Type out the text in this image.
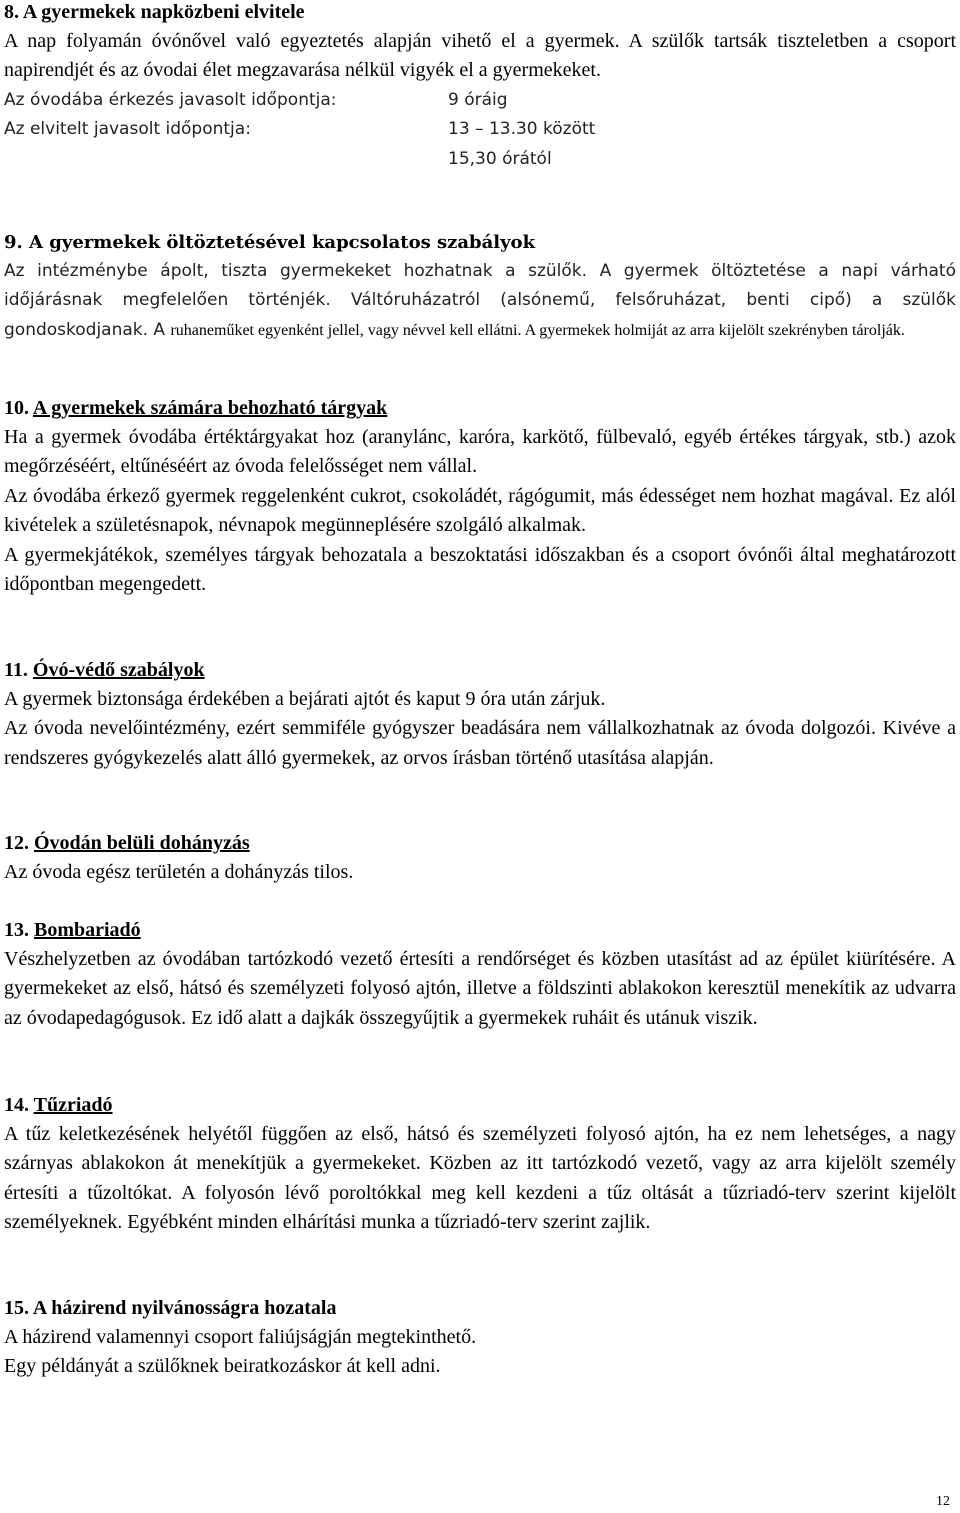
8. A gyermekek napközbeni elvitele

A nap folyamán óvónővel való egyeztetés alapján vihető el a gyermek. A szülők tartsák tiszteletben a csoport napirendjét és az óvodai élet megzavarása nélkül vigyék el a gyermekeket.

Az óvodába érkezés javasolt időpontja:	9 óráig
Az elvitelt javasolt időpontja:	13 – 13.30 között
15,30 órától
9. A gyermekek öltöztetésével kapcsolatos szabályok

Az intézménybe ápolt, tiszta gyermekeket hozhatnak a szülők. A gyermek öltöztetése a napi várható időjárásnak megfelelően történjék. Váltóruházatról (alsónemű, felsőruházat, benti cipő) a szülők gondoskodjanak. A ruhaneműket egyenként jellel, vagy névvel kell ellátni. A gyermekek holmiját az arra kijelölt szekrényben tárolják.

10. A gyermekek számára behozható tárgyak

Ha a gyermek óvodába értéktárgyakat hoz (aranylánc, karóra, karkötő, fülbevaló, egyéb értékes tárgyak, stb.) azok megőrzéséért, eltűnéséért az óvoda felelősséget nem vállal.

Az óvodába érkező gyermek reggelenként cukrot, csokoládét, rágógumit, más édességet nem hozhat magával. Ez alól kivételek a születésnapok, névnapok megünneplésére szolgáló alkalmak.

A gyermekjátékok, személyes tárgyak behozatala a beszoktatási időszakban és a csoport óvónői által meghatározott időpontban megengedett.

11. Óvó-védő szabályok

A gyermek biztonsága érdekében a bejárati ajtót és kaput 9 óra után zárjuk.

Az óvoda nevelőintézmény, ezért semmiféle gyógyszer beadására nem vállalkozhatnak az óvoda dolgozói. Kivéve a rendszeres gyógykezelés alatt álló gyermekek, az orvos írásban történő utasítása alapján.

12. Óvodán belüli dohányzás

Az óvoda egész területén a dohányzás tilos.

13. Bombariadó

Vészhelyzetben az óvodában tartózkodó vezető értesíti a rendőrséget és közben utasítást ad az épület kiürítésére. A gyermekeket az első, hátsó és személyzeti folyosó ajtón, illetve a földszinti ablakokon keresztül menekítik az udvarra az óvodapedagógusok. Ez idő alatt a dajkák összegyűjtik a gyermekek ruháit és utánuk viszik.

14. Tűzriadó

A tűz keletkezésének helyétől függően az első, hátsó és személyzeti folyosó ajtón, ha ez nem lehetséges, a nagy szárnyas ablakokon át menekítjük a gyermekeket. Közben az itt tartózkodó vezető, vagy az arra kijelölt személy értesíti a tűzoltókat. A folyosón lévő poroltókkal meg kell kezdeni a tűz oltását a tűzriadó-terv szerint kijelölt személyeknek. Egyébként minden elhárítási munka a tűzriadó-terv szerint zajlik.

15. A házirend nyilvánosságra hozatala

A házirend valamennyi csoport faliújságján megtekinthető.

Egy példányát a szülőknek beiratkozáskor át kell adni.

12
